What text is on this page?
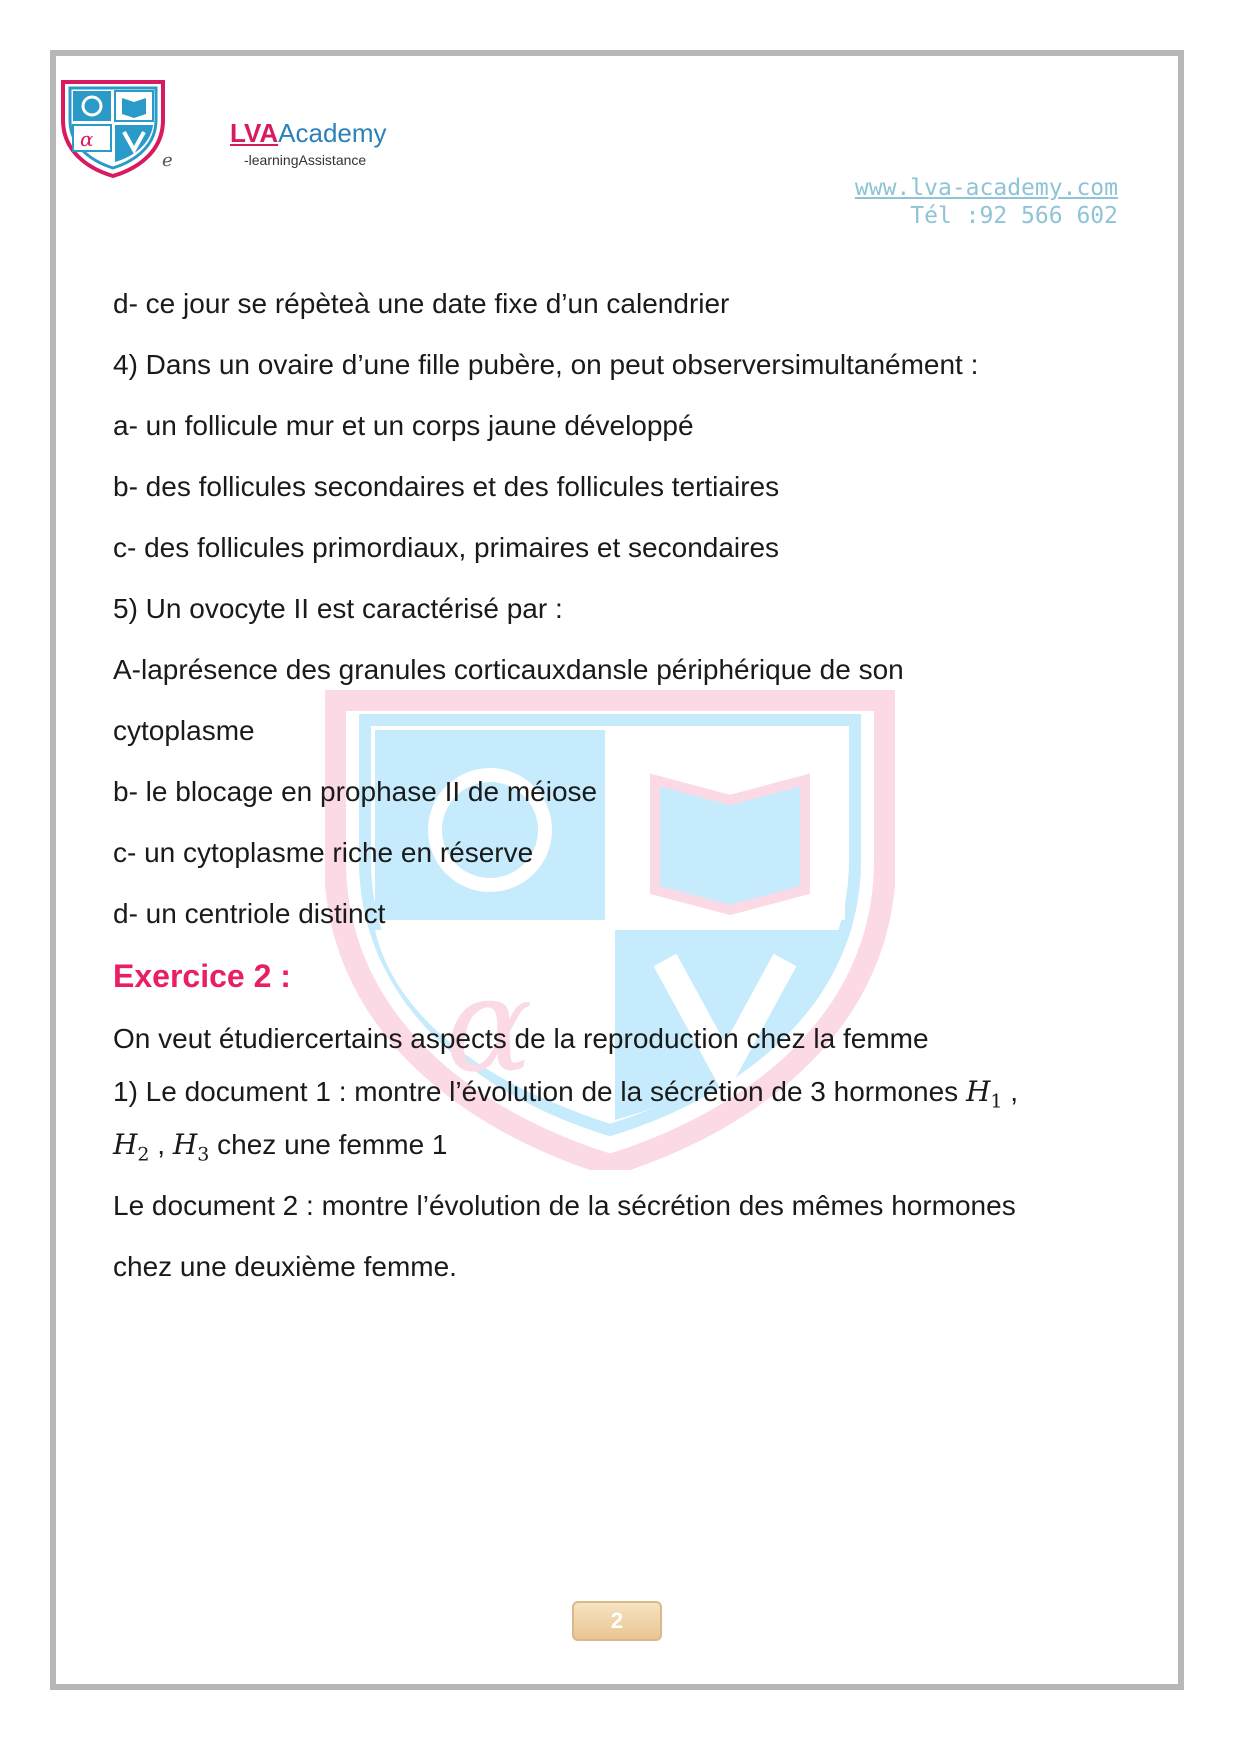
α
e
LVAAcademy
-learningAssistance
www.lva-academy.com
Tél :92 566 602
α
d- ce jour se répèteà une date fixe d’un calendrier
4) Dans un ovaire d’une fille pubère, on peut observersimultanément :
a- un follicule mur et un corps jaune développé
b- des follicules secondaires et des follicules tertiaires
c- des follicules primordiaux, primaires et secondaires
5) Un ovocyte II est caractérisé par :
A-laprésence des granules corticauxdansle périphérique de son
cytoplasme
b- le blocage en prophase II de méiose
c- un cytoplasme riche en réserve
d- un centriole distinct
Exercice 2 :
On veut étudiercertains aspects de la reproduction chez la femme
1) Le document 1 : montre l’évolution de la sécrétion de 3 hormones $H_1$ ,
$H_2$ , $H_3$ chez une femme 1
Le document 2 : montre l’évolution de la sécrétion des mêmes hormones
chez une deuxième femme.
2
